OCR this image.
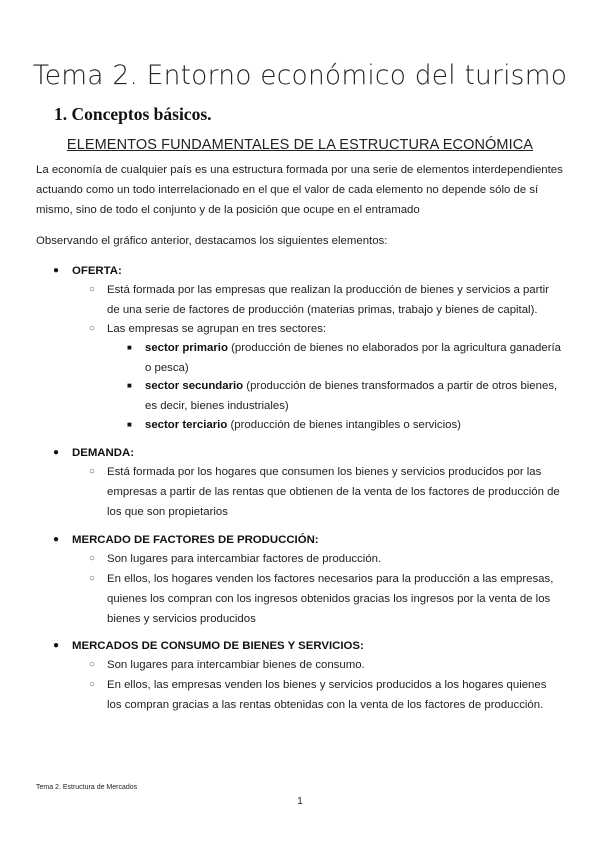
Tema 2. Entorno económico del turismo
1. Conceptos básicos.
ELEMENTOS FUNDAMENTALES DE LA ESTRUCTURA ECONÓMICA
La economía de cualquier país es una estructura formada por una serie de elementos interdependientes actuando como un todo interrelacionado en el que el valor de cada elemento no depende sólo de sí mismo, sino de todo el conjunto y de la posición que ocupe en el entramado
Observando el gráfico anterior, destacamos los siguientes elementos:
●	OFERTA:
○ Está formada por las empresas que realizan la producción de bienes y servicios a partir de una serie de factores de producción (materias primas, trabajo y bienes de capital).
○ Las empresas se agrupan en tres sectores:
■ sector primario (producción de bienes no elaborados por la agricultura ganadería o pesca)
■ sector secundario (producción de bienes transformados a partir de otros bienes, es decir, bienes industriales)
■ sector terciario (producción de bienes intangibles o servicios)
●	DEMANDA:
○ Está formada por los hogares que consumen los bienes y servicios producidos por las empresas a partir de las rentas que obtienen de la venta de los factores de producción de los que son propietarios
●	MERCADO DE FACTORES DE PRODUCCIÓN:
○ Son lugares para intercambiar factores de producción.
○ En ellos, los hogares venden los factores necesarios para la producción a las empresas, quienes los compran con los ingresos obtenidos gracias los ingresos por la venta de los bienes y servicios producidos
●	MERCADOS DE CONSUMO DE BIENES Y SERVICIOS:
○ Son lugares para intercambiar bienes de consumo.
○ En ellos, las empresas venden los bienes y servicios producidos a los hogares quienes los compran gracias a las rentas obtenidas con la venta de los factores de producción.
Tema 2. Estructura de Mercados
1
